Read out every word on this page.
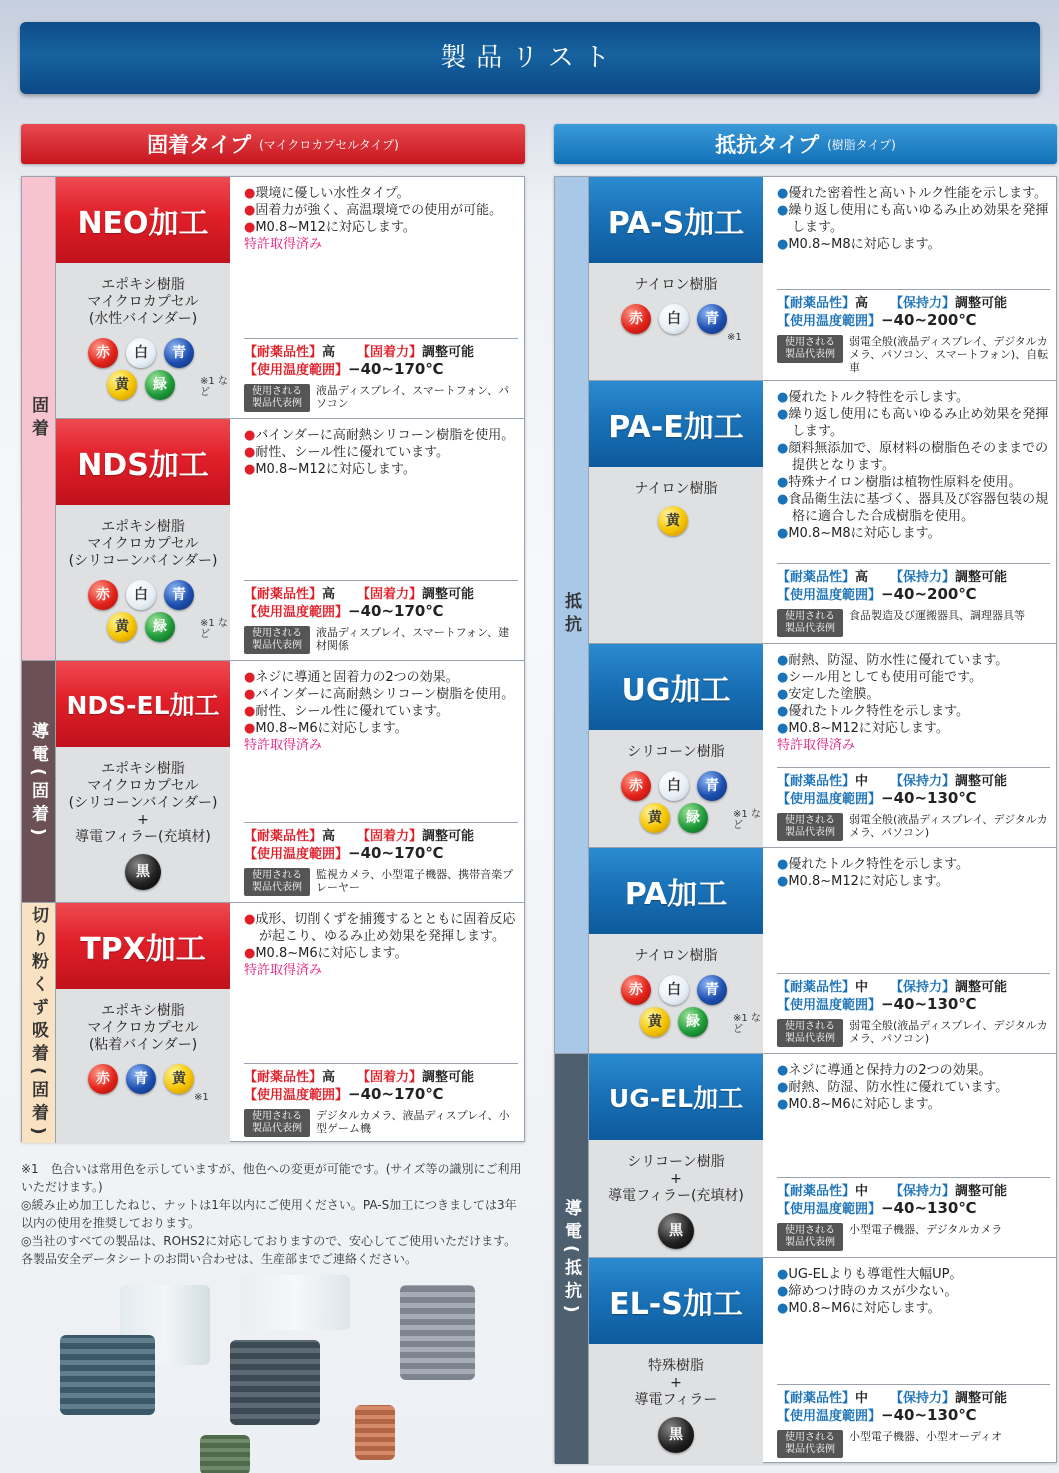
製品リスト
固着タイプ (マイクロカプセルタイプ)	抵抗タイプ (樹脂タイプ)
固着
導電(固着)
切り粉くず吸着(固着)
NEO加工
エポキシ樹脂
マイクロカプセル
(水性バインダー)
赤	白	青
黄	緑	※1 など

●環境に優しい水性タイプ。

●固着力が強く、高温環境での使用が可能。

●M0.8~M12に対応します。

特許取得済み
【耐薬品性】高 【固着力】調整可能
【使用温度範囲】−40~170℃
使用される製品代表例
液晶ディスプレイ、スマートフォン、パソコン
NDS加工
エポキシ樹脂
マイクロカプセル
(シリコーンバインダー)
赤	白	青
黄	緑	※1 など

●バインダーに高耐熱シリコーン樹脂を使用。

●耐性、シール性に優れています。

●M0.8~M12に対応します。

【耐薬品性】高 【固着力】調整可能
【使用温度範囲】−40~170℃
使用される製品代表例
液晶ディスプレイ、スマートフォン、建材関係
NDS-EL加工
エポキシ樹脂
マイクロカプセル
(シリコーンバインダー)
+
導電フィラー(充填材)
黒

●ネジに導通と固着力の2つの効果。

●バインダーに高耐熱シリコーン樹脂を使用。

●耐性、シール性に優れています。

●M0.8~M6に対応します。

特許取得済み
【耐薬品性】高 【固着力】調整可能
【使用温度範囲】−40~170℃
使用される製品代表例
監視カメラ、小型電子機器、携帯音楽プレーヤー
TPX加工
エポキシ樹脂
マイクロカプセル
(粘着バインダー)
赤	青	黄
※1

●成形、切削くずを捕獲するとともに固着反応が起こり、ゆるみ止め効果を発揮します。

●M0.8~M6に対応します。

特許取得済み
【耐薬品性】高 【固着力】調整可能
【使用温度範囲】−40~170℃
使用される製品代表例
デジタルカメラ、液晶ディスプレイ、小型ゲーム機
抵抗
導電(抵抗)
PA-S加工
ナイロン樹脂
赤	白	青
※1

●優れた密着性と高いトルク性能を示します。

●繰り返し使用にも高いゆるみ止め効果を発揮します。

●M0.8~M8に対応します。

【耐薬品性】高 【保持力】調整可能
【使用温度範囲】−40~200℃
使用される製品代表例
弱電全般(液晶ディスプレイ、デジタルカメラ、パソコン、スマートフォン)、自転車
PA-E加工
ナイロン樹脂
黄

●優れたトルク特性を示します。

●繰り返し使用にも高いゆるみ止め効果を発揮します。

●顔料無添加で、原材料の樹脂色そのままでの提供となります。

●特殊ナイロン樹脂は植物性原料を使用。

●食品衛生法に基づく、器具及び容器包装の規格に適合した合成樹脂を使用。

●M0.8~M8に対応します。

【耐薬品性】高 【保持力】調整可能
【使用温度範囲】−40~200℃
使用される製品代表例
食品製造及び運搬器具、調理器具等
UG加工
シリコーン樹脂
赤	白	青
黄	緑	※1 など

●耐熱、防湿、防水性に優れています。

●シール用としても使用可能です。

●安定した塗膜。

●優れたトルク特性を示します。

●M0.8~M12に対応します。

特許取得済み
【耐薬品性】中 【保持力】調整可能
【使用温度範囲】−40~130℃
使用される製品代表例
弱電全般(液晶ディスプレイ、デジタルカメラ、パソコン)
PA加工
ナイロン樹脂
赤	白	青
黄	緑	※1 など

●優れたトルク特性を示します。

●M0.8~M12に対応します。

【耐薬品性】中 【保持力】調整可能
【使用温度範囲】−40~130℃
使用される製品代表例
弱電全般(液晶ディスプレイ、デジタルカメラ、パソコン)
UG-EL加工
シリコーン樹脂
+
導電フィラー(充填材)
黒

●ネジに導通と保持力の2つの効果。

●耐熱、防湿、防水性に優れています。

●M0.8~M6に対応します。

【耐薬品性】中 【保持力】調整可能
【使用温度範囲】−40~130℃
使用される製品代表例
小型電子機器、デジタルカメラ
EL-S加工
特殊樹脂
+
導電フィラー
黒

●UG-ELよりも導電性大幅UP。

●締めつけ時のカスが少ない。

●M0.8~M6に対応します。

【耐薬品性】中 【保持力】調整可能
【使用温度範囲】−40~130℃
使用される製品代表例
小型電子機器、小型オーディオ

※1　色合いは常用色を示していますが、他色への変更が可能です。(サイズ等の識別にご利用いただけます。)

◎緩み止め加工したねじ、ナットは1年以内にご使用ください。PA-S加工につきましては3年以内の使用を推奨しております。

◎当社のすべての製品は、ROHS2に対応しておりますので、安心してご使用いただけます。各製品安全データシートのお問い合わせは、生産部までご連絡ください。
